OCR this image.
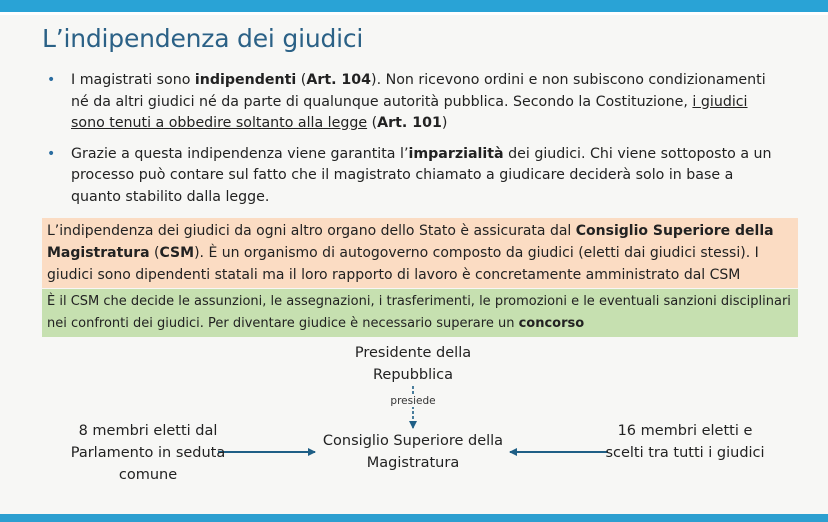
L’indipendenza dei giudici
• I magistrati sono indipendenti (Art. 104). Non ricevono ordini e non subiscono condizionamenti né da altri giudici né da parte di qualunque autorità pubblica. Secondo la Costituzione, i giudici sono tenuti a obbedire soltanto alla legge (Art. 101)
• Grazie a questa indipendenza viene garantita l’imparzialità dei giudici. Chi viene sottoposto a un processo può contare sul fatto che il magistrato chiamato a giudicare deciderà solo in base a quanto stabilito dalla legge.
L’indipendenza dei giudici da ogni altro organo dello Stato è assicurata dal Consiglio Superiore della Magistratura (CSM). È un organismo di autogoverno composto da giudici (eletti dai giudici stessi). I giudici sono dipendenti statali ma il loro rapporto di lavoro è concretamente amministrato dal CSM
È il CSM che decide le assunzioni, le assegnazioni, i trasferimenti, le promozioni e le eventuali sanzioni disciplinari nei confronti dei giudici. Per diventare giudice è necessario superare un concorso
presiede
Presidente della Repubblica
Consiglio Superiore della Magistratura
8 membri eletti dal Parlamento in seduta comune
16 membri eletti e scelti tra tutti i giudici
